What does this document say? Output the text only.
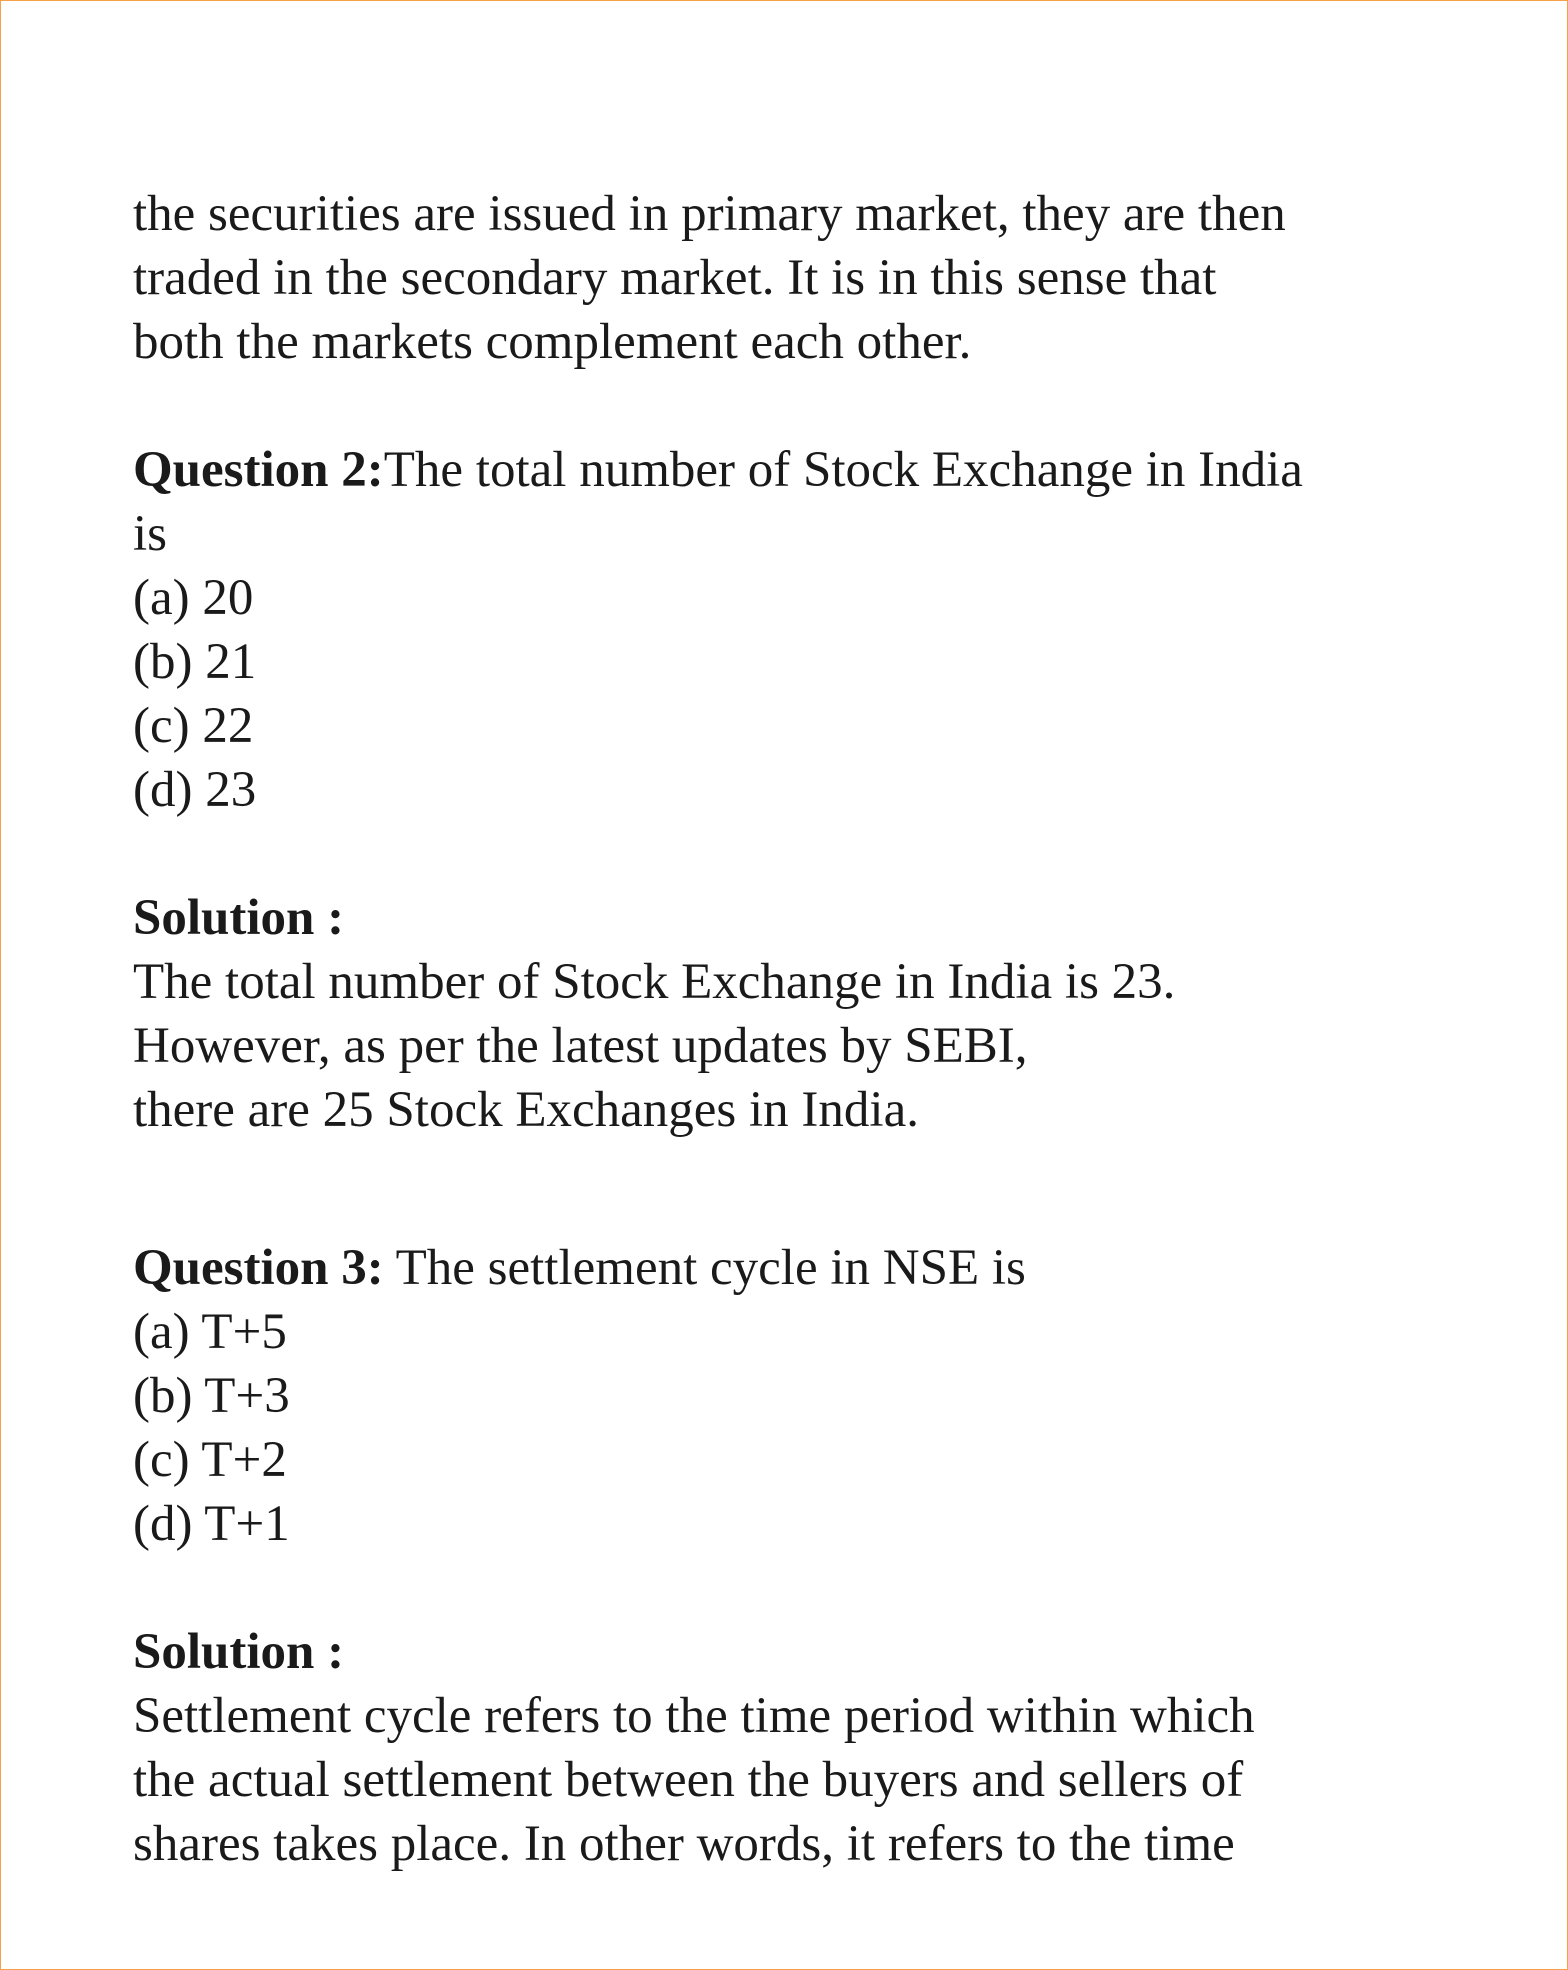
the securities are issued in primary market, they are then
traded in the secondary market. It is in this sense that
both the markets complement each other.
Question 2:The total number of Stock Exchange in India
is
(a) 20
(b) 21
(c) 22
(d) 23
Solution :
The total number of Stock Exchange in India is 23.
However, as per the latest updates by SEBI,
there are 25 Stock Exchanges in India.
Question 3: The settlement cycle in NSE is
(a) T+5
(b) T+3
(c) T+2
(d) T+1
Solution :
Settlement cycle refers to the time period within which
the actual settlement between the buyers and sellers of
shares takes place. In other words, it refers to the time
